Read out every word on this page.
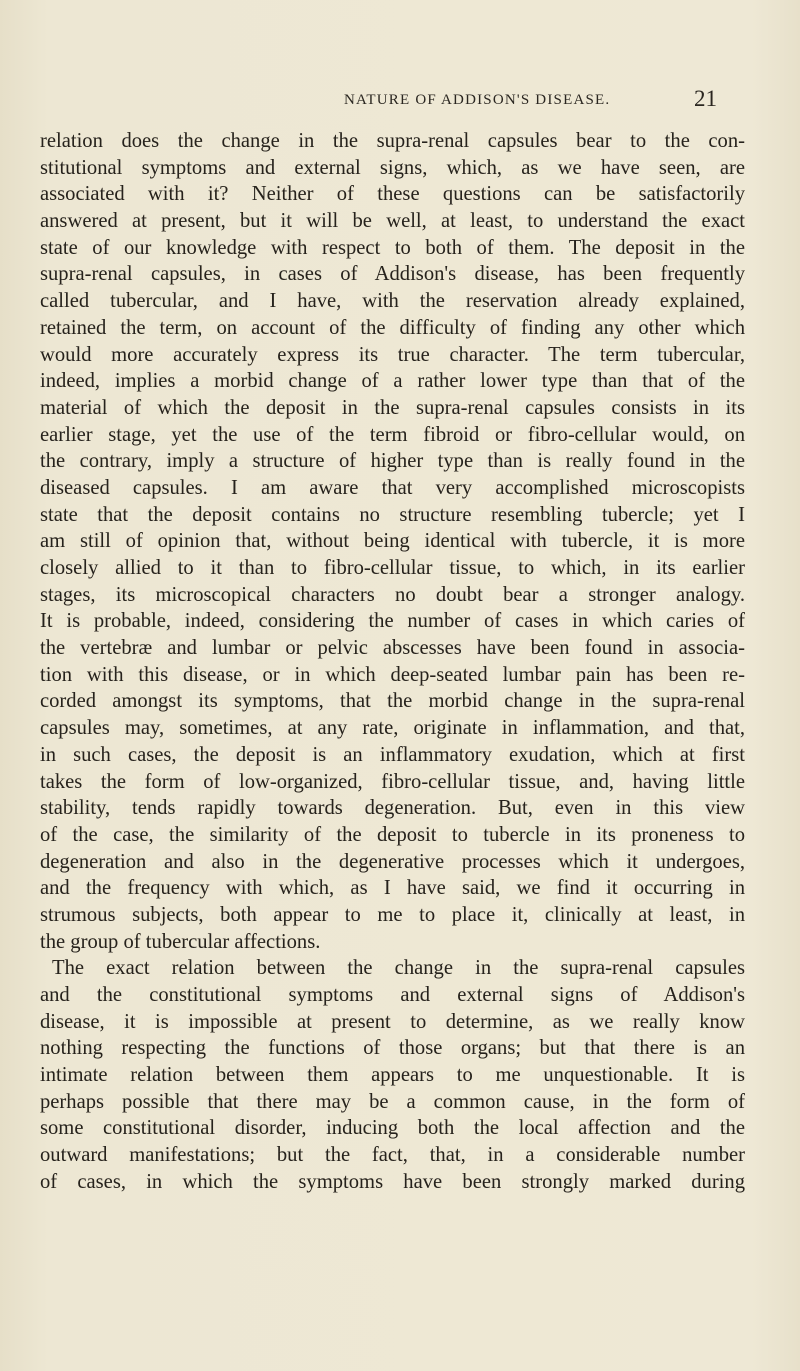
NATURE OF ADDISON'S DISEASE.	21
relation does the change in the supra-renal capsules bear to the con-
stitutional symptoms and external signs, which, as we have seen, are
associated with it? Neither of these questions can be satisfactorily
answered at present, but it will be well, at least, to understand the exact
state of our knowledge with respect to both of them. The deposit in the
supra-renal capsules, in cases of Addison's disease, has been frequently
called tubercular, and I have, with the reservation already explained,
retained the term, on account of the difficulty of finding any other which
would more accurately express its true character. The term tubercular,
indeed, implies a morbid change of a rather lower type than that of the
material of which the deposit in the supra-renal capsules consists in its
earlier stage, yet the use of the term fibroid or fibro-cellular would, on
the contrary, imply a structure of higher type than is really found in the
diseased capsules. I am aware that very accomplished microscopists
state that the deposit contains no structure resembling tubercle; yet I
am still of opinion that, without being identical with tubercle, it is more
closely allied to it than to fibro-cellular tissue, to which, in its earlier
stages, its microscopical characters no doubt bear a stronger analogy.
It is probable, indeed, considering the number of cases in which caries of
the vertebræ and lumbar or pelvic abscesses have been found in associa-
tion with this disease, or in which deep-seated lumbar pain has been re-
corded amongst its symptoms, that the morbid change in the supra-renal
capsules may, sometimes, at any rate, originate in inflammation, and that,
in such cases, the deposit is an inflammatory exudation, which at first
takes the form of low-organized, fibro-cellular tissue, and, having little
stability, tends rapidly towards degeneration. But, even in this view
of the case, the similarity of the deposit to tubercle in its proneness to
degeneration and also in the degenerative processes which it undergoes,
and the frequency with which, as I have said, we find it occurring in
strumous subjects, both appear to me to place it, clinically at least, in
the group of tubercular affections.
The exact relation between the change in the supra-renal capsules
and the constitutional symptoms and external signs of Addison's
disease, it is impossible at present to determine, as we really know
nothing respecting the functions of those organs; but that there is an
intimate relation between them appears to me unquestionable. It is
perhaps possible that there may be a common cause, in the form of
some constitutional disorder, inducing both the local affection and the
outward manifestations; but the fact, that, in a considerable number
of cases, in which the symptoms have been strongly marked during
